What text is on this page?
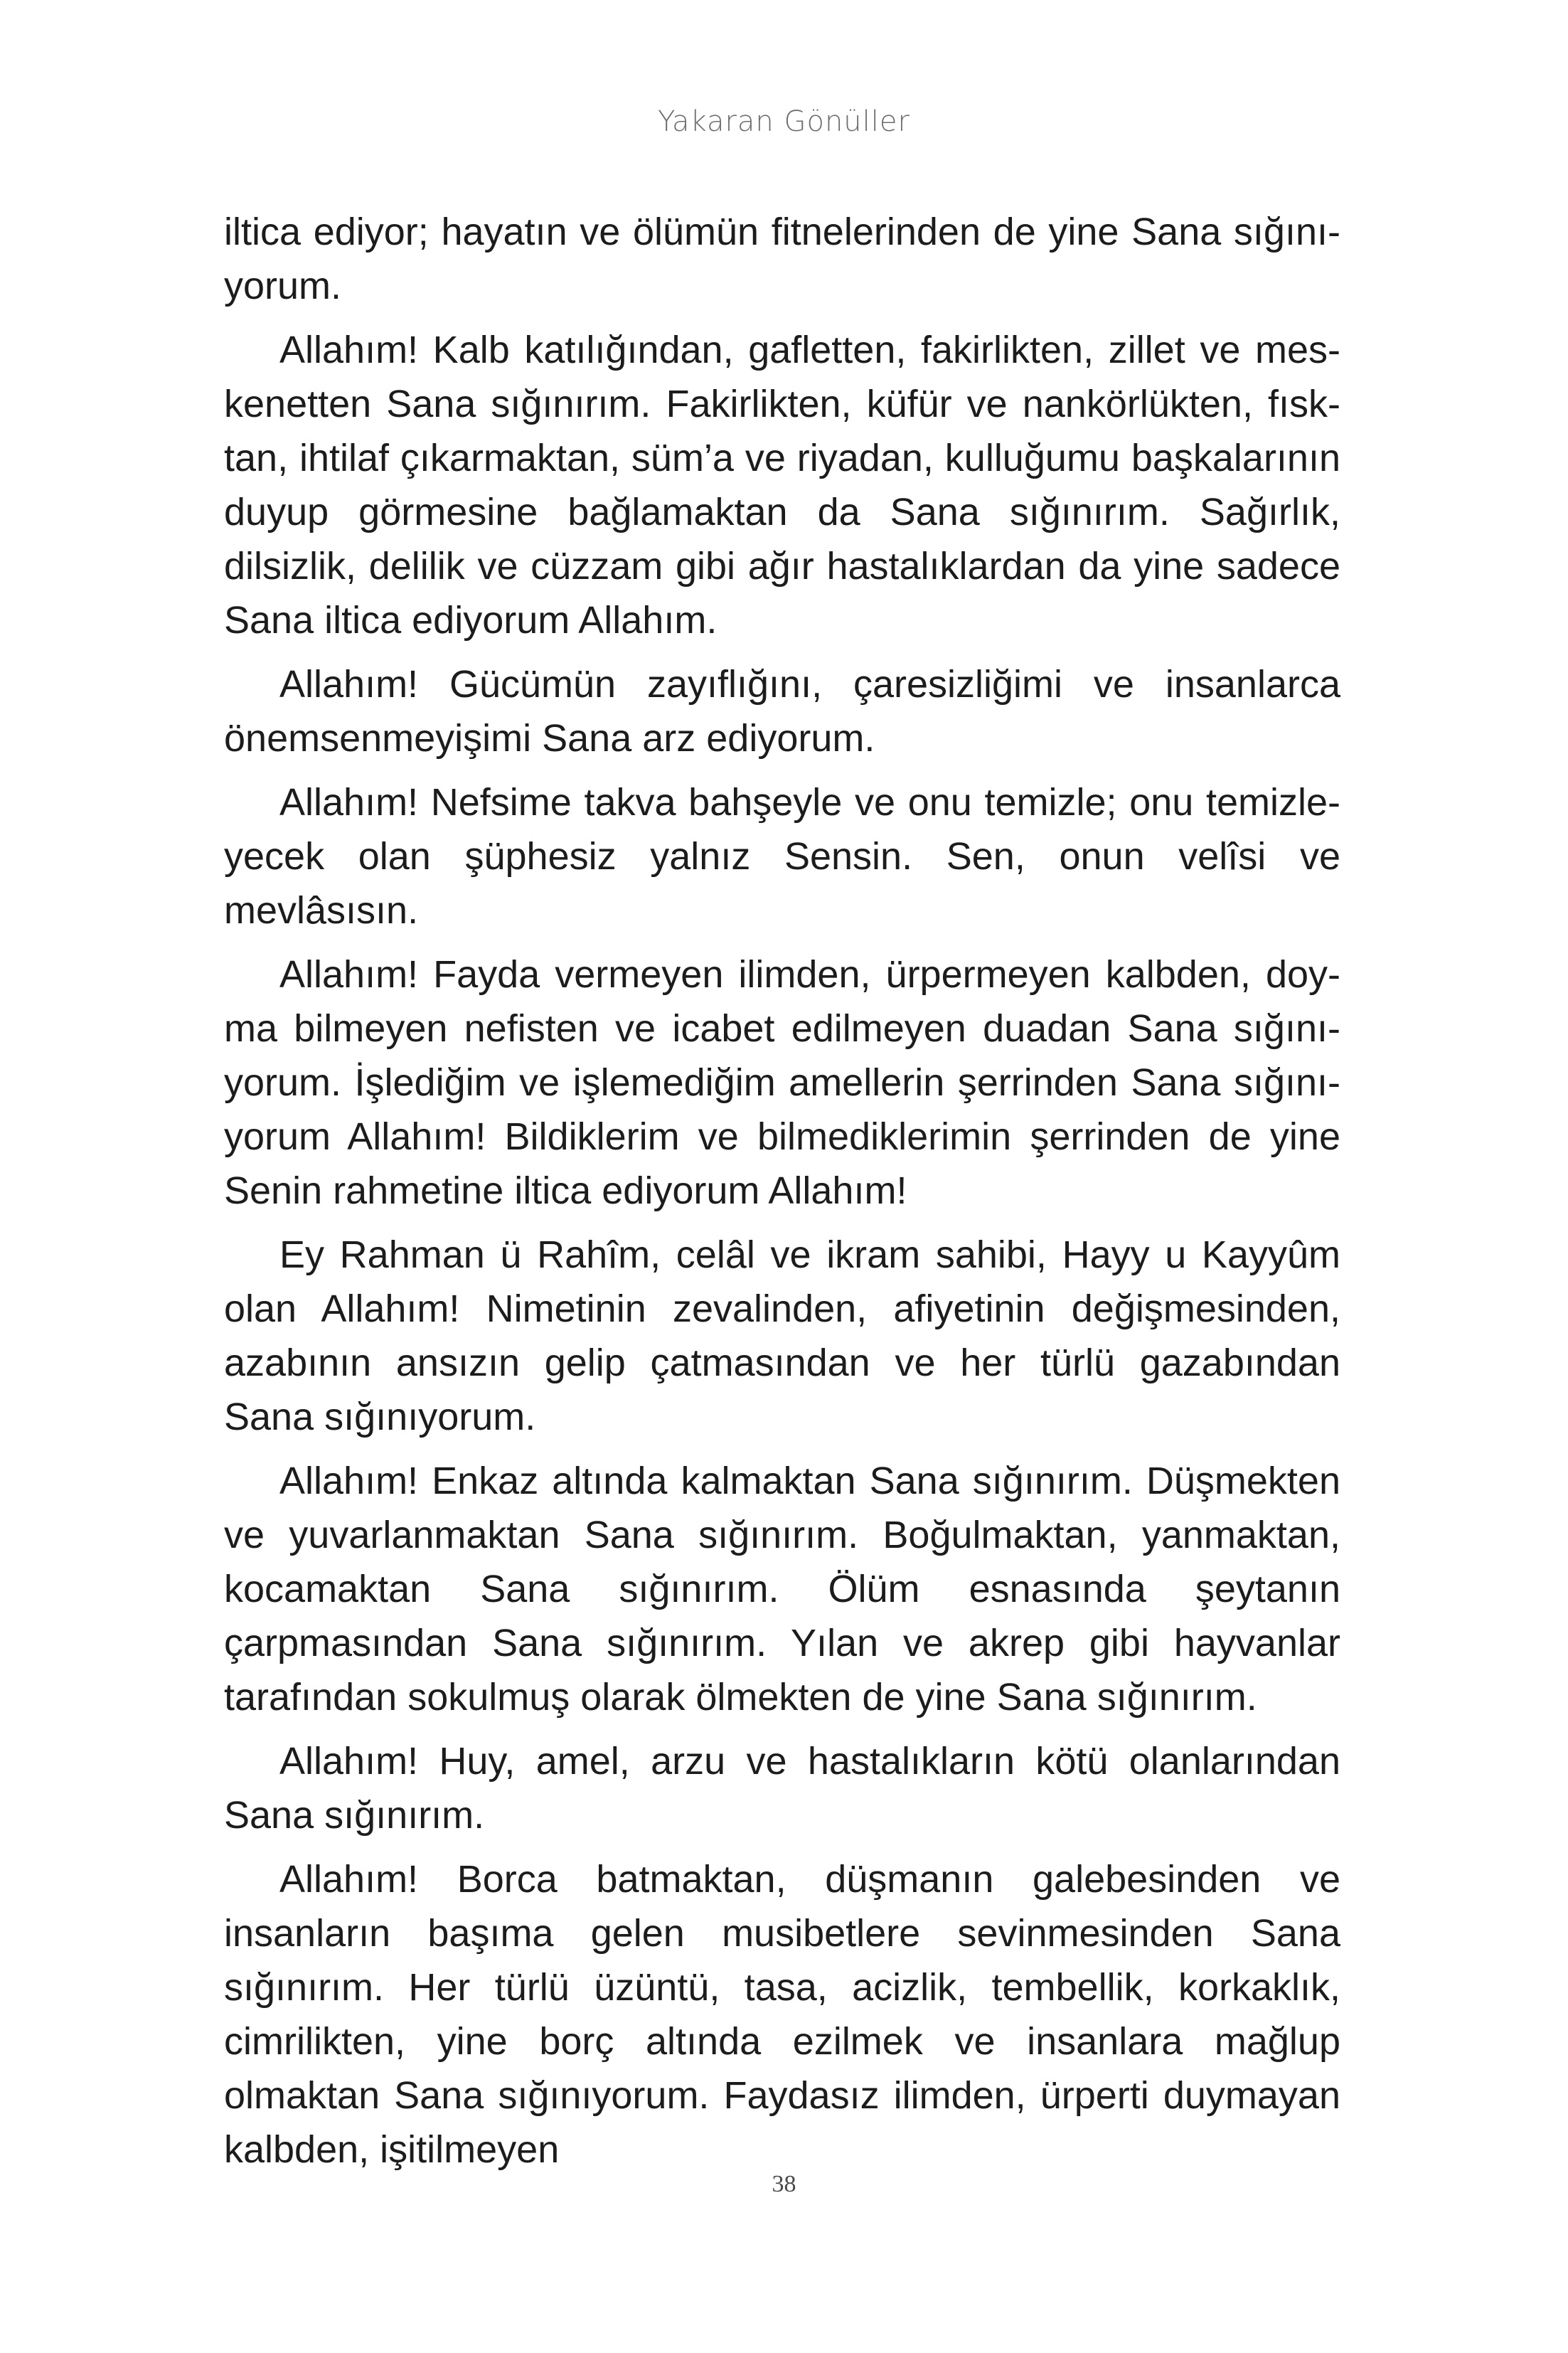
Yakaran Gönüller

iltica ediyor; hayatın ve ölümün fitnelerinden de yine Sana sığınıyorum.

Allahım! Kalb katılığından, gafletten, fakirlikten, zillet ve meskenetten Sana sığınırım. Fakirlikten, küfür ve nankörlükten, fısktan, ihtilaf çıkarmaktan, süm’a ve riyadan, kulluğumu başkalarının duyup görmesine bağlamaktan da Sana sığınırım. Sağırlık, dilsizlik, delilik ve cüzzam gibi ağır hastalıklardan da yine sadece Sana iltica ediyorum Allahım.

Allahım! Gücümün zayıflığını, çaresizliğimi ve insanlarca önemsenmeyişimi Sana arz ediyorum.

Allahım! Nefsime takva bahşeyle ve onu temizle; onu temizleyecek olan şüphesiz yalnız Sensin. Sen, onun velîsi ve mevlâsısın.

Allahım! Fayda vermeyen ilimden, ürpermeyen kalbden, doyma bilmeyen nefisten ve icabet edilmeyen duadan Sana sığınıyorum. İşlediğim ve işlemediğim amellerin şerrinden Sana sığınıyorum Allahım! Bildiklerim ve bilmediklerimin şerrinden de yine Senin rahmetine iltica ediyorum Allahım!

Ey Rahman ü Rahîm, celâl ve ikram sahibi, Hayy u Kayyûm olan Allahım! Nimetinin zevalinden, afiyetinin değişmesinden, azabının ansızın gelip çatmasından ve her türlü gazabından Sana sığınıyorum.

Allahım! Enkaz altında kalmaktan Sana sığınırım. Düşmekten ve yuvarlanmaktan Sana sığınırım. Boğulmaktan, yanmaktan, kocamaktan Sana sığınırım. Ölüm esnasında şeytanın çarpmasından Sana sığınırım. Yılan ve akrep gibi hayvanlar tarafından sokulmuş olarak ölmekten de yine Sana sığınırım.

Allahım! Huy, amel, arzu ve hastalıkların kötü olanlarından Sana sığınırım.

Allahım! Borca batmaktan, düşmanın galebesinden ve insanların başıma gelen musibetlere sevinmesinden Sana sığınırım. Her türlü üzüntü, tasa, acizlik, tembellik, korkaklık, cimrilikten, yine borç altında ezilmek ve insanlara mağlup olmaktan Sana sığınıyorum. Faydasız ilimden, ürperti duymayan kalbden, işitilmeyen

38
